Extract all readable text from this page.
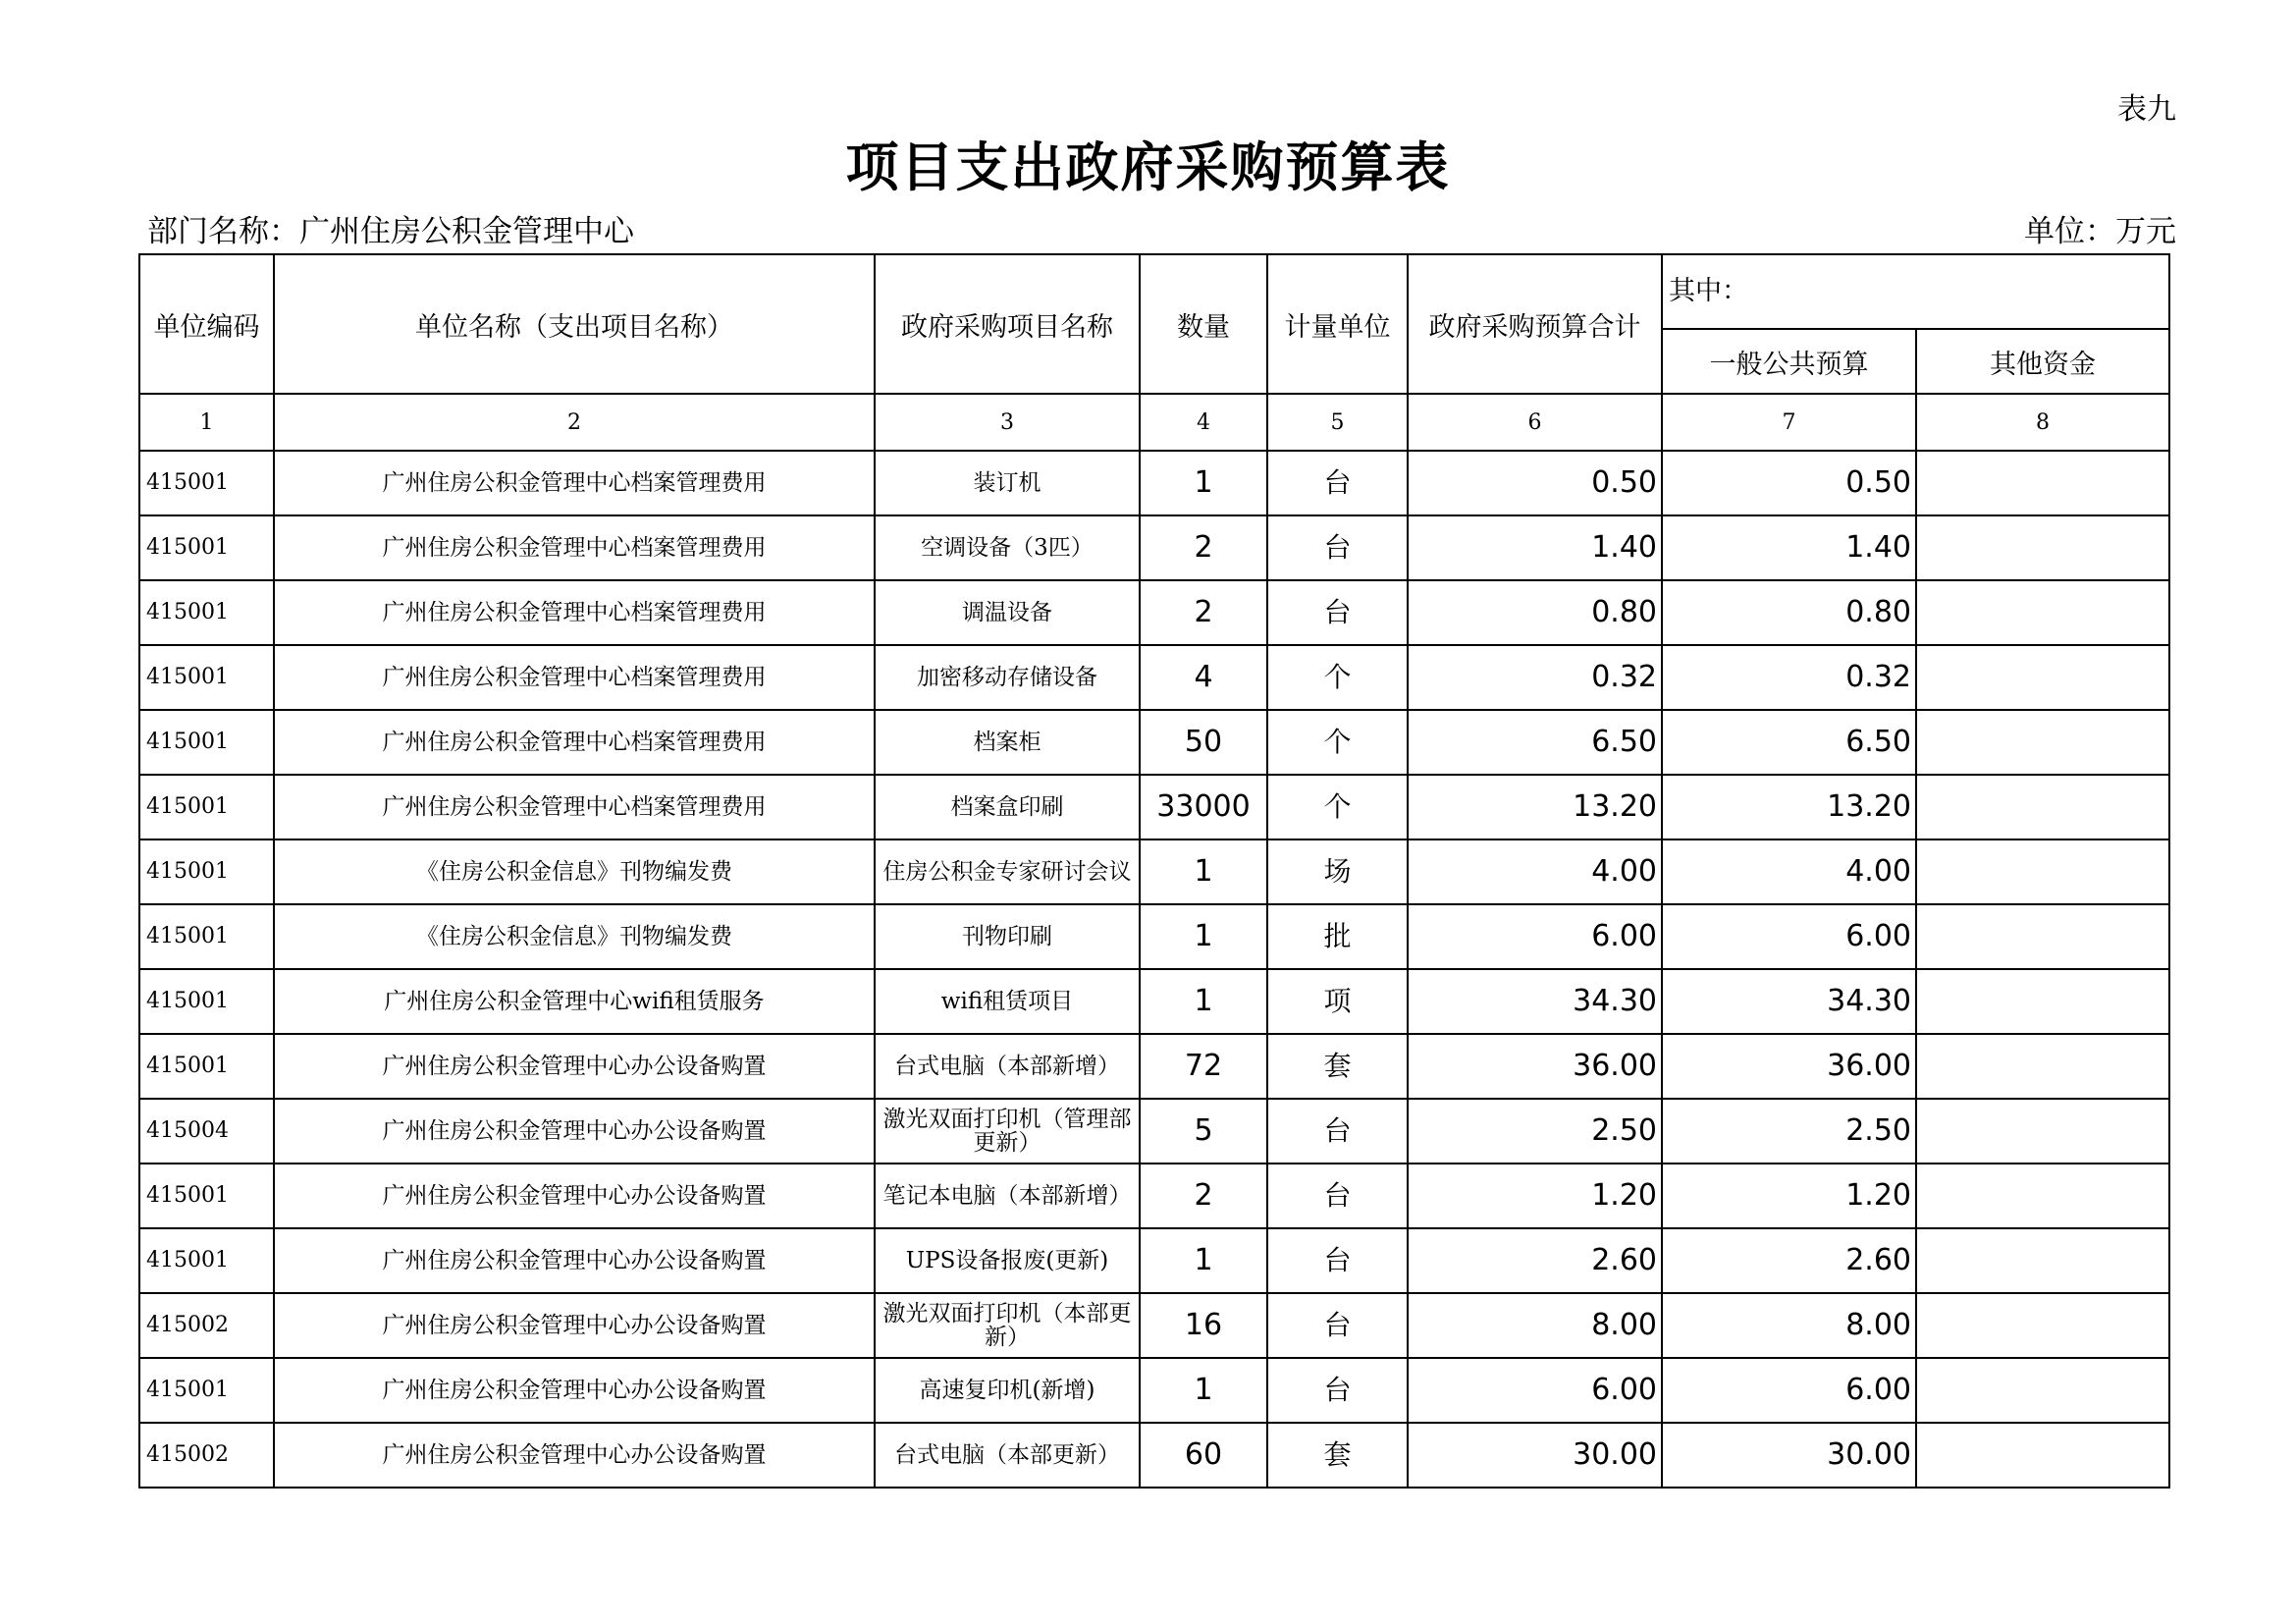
表九
项目支出政府采购预算表
部门名称：广州住房公积金管理中心	单位：万元
单位编码	单位名称（支出项目名称）	政府采购项目名称	数量	计量单位	政府采购预算合计	其中：	
						一般公共预算	其他资金
1	2	3	4	5	6	7	8
415001	广州住房公积金管理中心档案管理费用	装订机	1	台	0.50	0.50	
415001	广州住房公积金管理中心档案管理费用	空调设备（3匹）	2	台	1.40	1.40	
415001	广州住房公积金管理中心档案管理费用	调温设备	2	台	0.80	0.80	
415001	广州住房公积金管理中心档案管理费用	加密移动存储设备	4	个	0.32	0.32	
415001	广州住房公积金管理中心档案管理费用	档案柜	50	个	6.50	6.50	
415001	广州住房公积金管理中心档案管理费用	档案盒印刷	33000	个	13.20	13.20	
415001	《住房公积金信息》刊物编发费	住房公积金专家研讨会议	1	场	4.00	4.00	
415001	《住房公积金信息》刊物编发费	刊物印刷	1	批	6.00	6.00	
415001	广州住房公积金管理中心wifi租赁服务	wifi租赁项目	1	项	34.30	34.30	
415001	广州住房公积金管理中心办公设备购置	台式电脑（本部新增）	72	套	36.00	36.00	
415004	广州住房公积金管理中心办公设备购置	激光双面打印机（管理部更新）	5	台	2.50	2.50	
415001	广州住房公积金管理中心办公设备购置	笔记本电脑（本部新增）	2	台	1.20	1.20	
415001	广州住房公积金管理中心办公设备购置	UPS设备报废(更新)	1	台	2.60	2.60	
415002	广州住房公积金管理中心办公设备购置	激光双面打印机（本部更新）	16	台	8.00	8.00	
415001	广州住房公积金管理中心办公设备购置	高速复印机(新增)	1	台	6.00	6.00	
415002	广州住房公积金管理中心办公设备购置	台式电脑（本部更新）	60	套	30.00	30.00	
